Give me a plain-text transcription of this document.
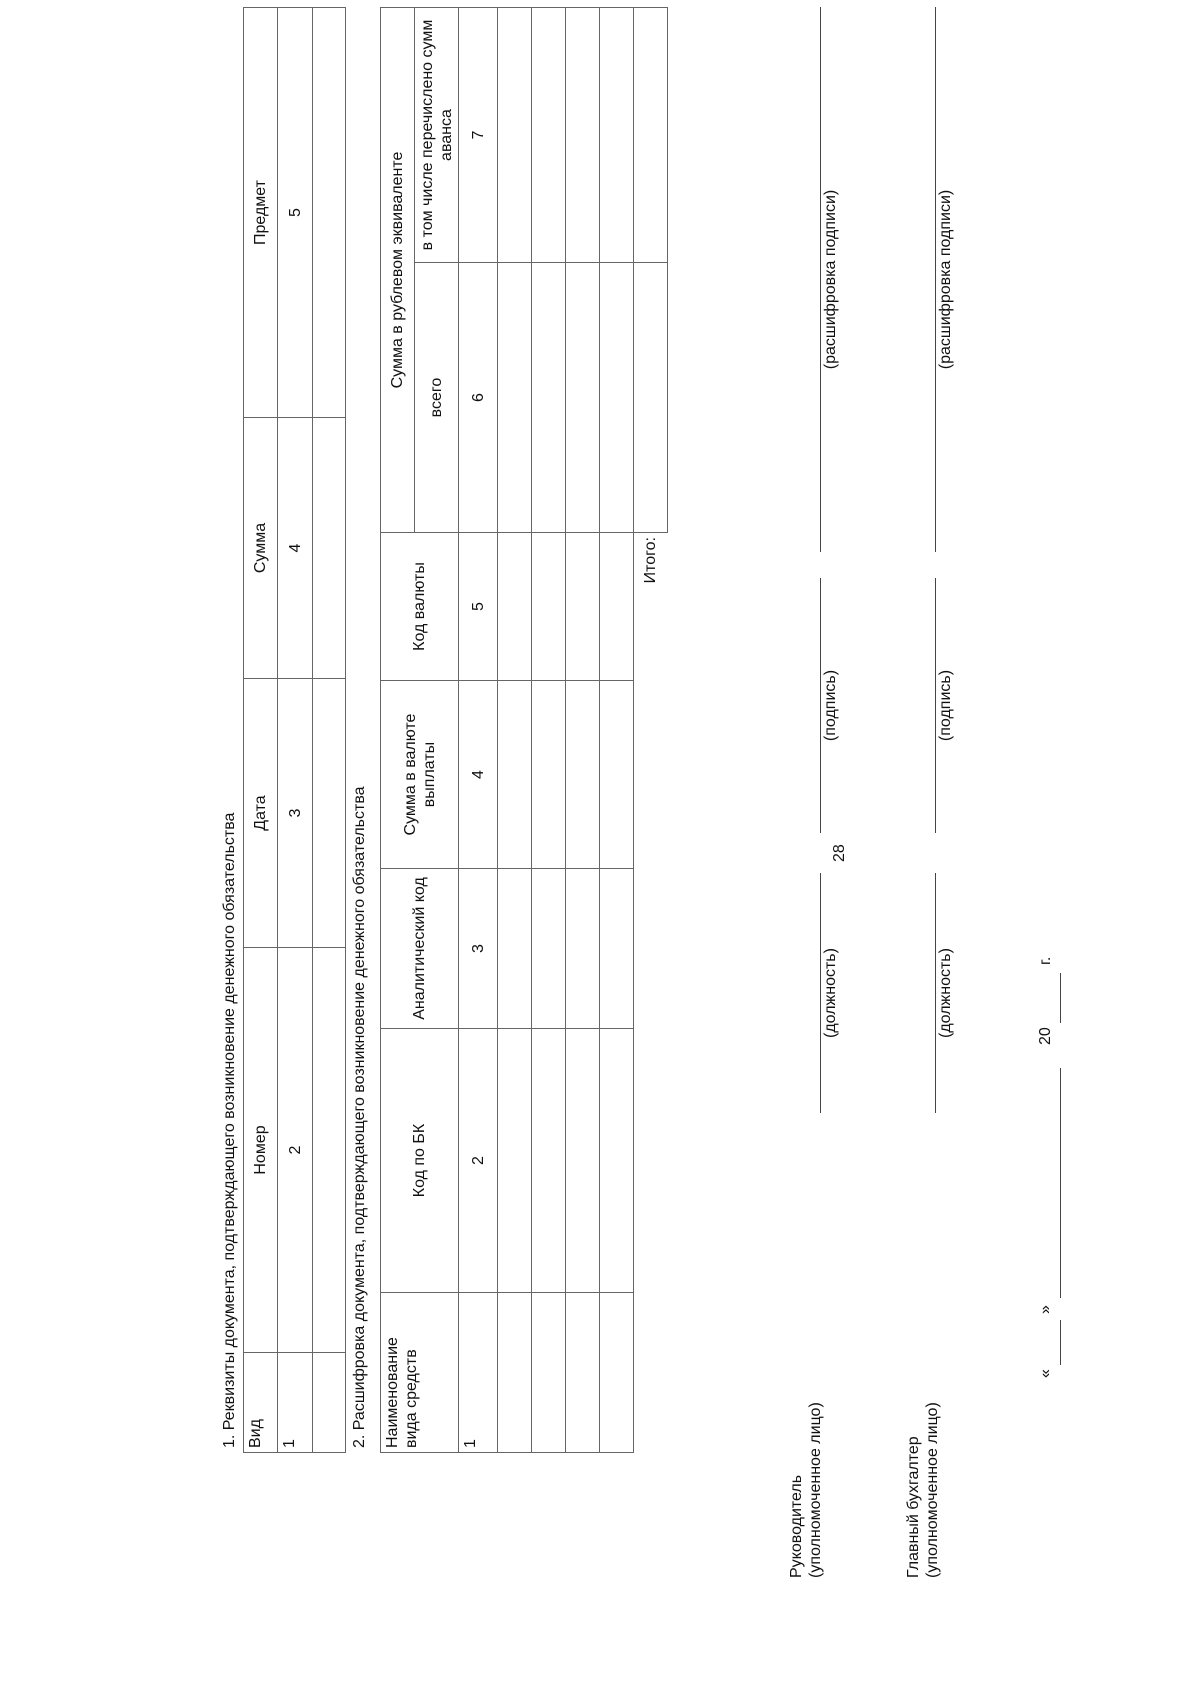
28
1. Реквизиты документа, подтверждающего возникновение денежного обязательства Вид	Номер	Дата	Сумма	Предмет
1	2	3	4	5

2. Расшифровка документа, подтверждающего возникновение денежного обязательства Наименование вида средств	Код по БК	Аналитический код	Сумма в валюте выплаты	Код валюты	Сумма в рублевом эквиваленте	
					всего	в том числе перечислено сумм аванса
1	2	3	4	5	6	7

				Итого:		
Руководитель (уполномоченное лицо)
(должность)
(подпись)
(расшифровка подписи)
Главный бухгалтер (уполномоченное лицо)
(должность)
(подпись)
(расшифровка подписи)
«
»
20
г.
